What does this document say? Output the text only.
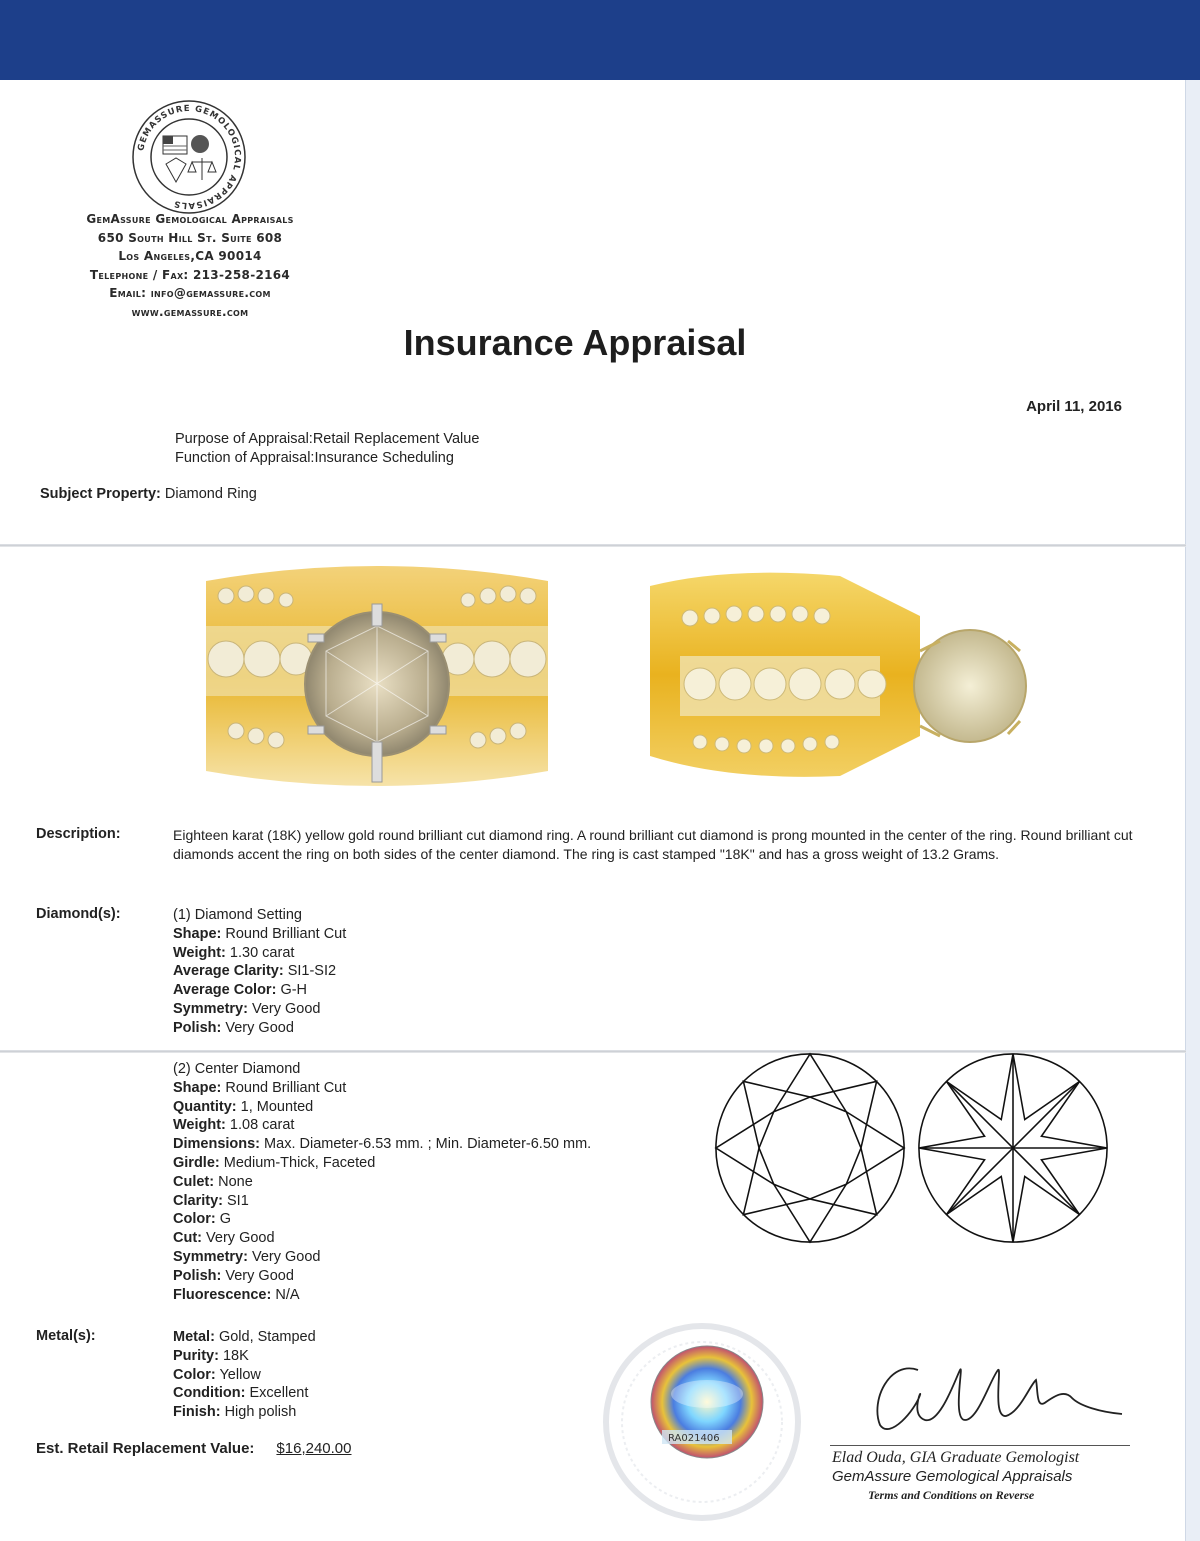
GEMASSURE GEMOLOGICAL APPRAISALS
GemAssure Gemological Appraisals
650 South Hill St. Suite 608
Los Angeles,CA 90014
Telephone / Fax: 213-258-2164
Email: info@gemassure.com
www.gemassure.com
Insurance Appraisal
April 11, 2016
Purpose of Appraisal:Retail Replacement Value
Function of Appraisal:Insurance Scheduling
Subject Property: Diamond Ring
Description:	Eighteen karat (18K) yellow gold round brilliant cut diamond ring. A round brilliant cut diamond is prong mounted in the center of the ring. Round brilliant cut diamonds accent the ring on both sides of the center diamond. The ring is cast stamped "18K" and has a gross weight of 13.2 Grams.
Diamond(s):	(1) Diamond Setting
Shape: Round Brilliant Cut
Weight: 1.30 carat
Average Clarity: SI1-SI2
Average Color: G-H
Symmetry: Very Good
Polish: Very Good
(2) Center Diamond
Shape: Round Brilliant Cut
Quantity: 1, Mounted
Weight: 1.08 carat
Dimensions: Max. Diameter-6.53 mm. ; Min. Diameter-6.50 mm.
Girdle: Medium-Thick, Faceted
Culet: None
Clarity: SI1
Color: G
Cut: Very Good
Symmetry: Very Good
Polish: Very Good
Fluorescence: N/A
Metal(s):	Metal: Gold, Stamped
Purity: 18K
Color: Yellow
Condition: Excellent
Finish: High polish
Est. Retail Replacement Value: $16,240.00
RA021406
Elad Ouda, GIA Graduate Gemologist
GemAssure Gemological Appraisals
Terms and Conditions on Reverse
